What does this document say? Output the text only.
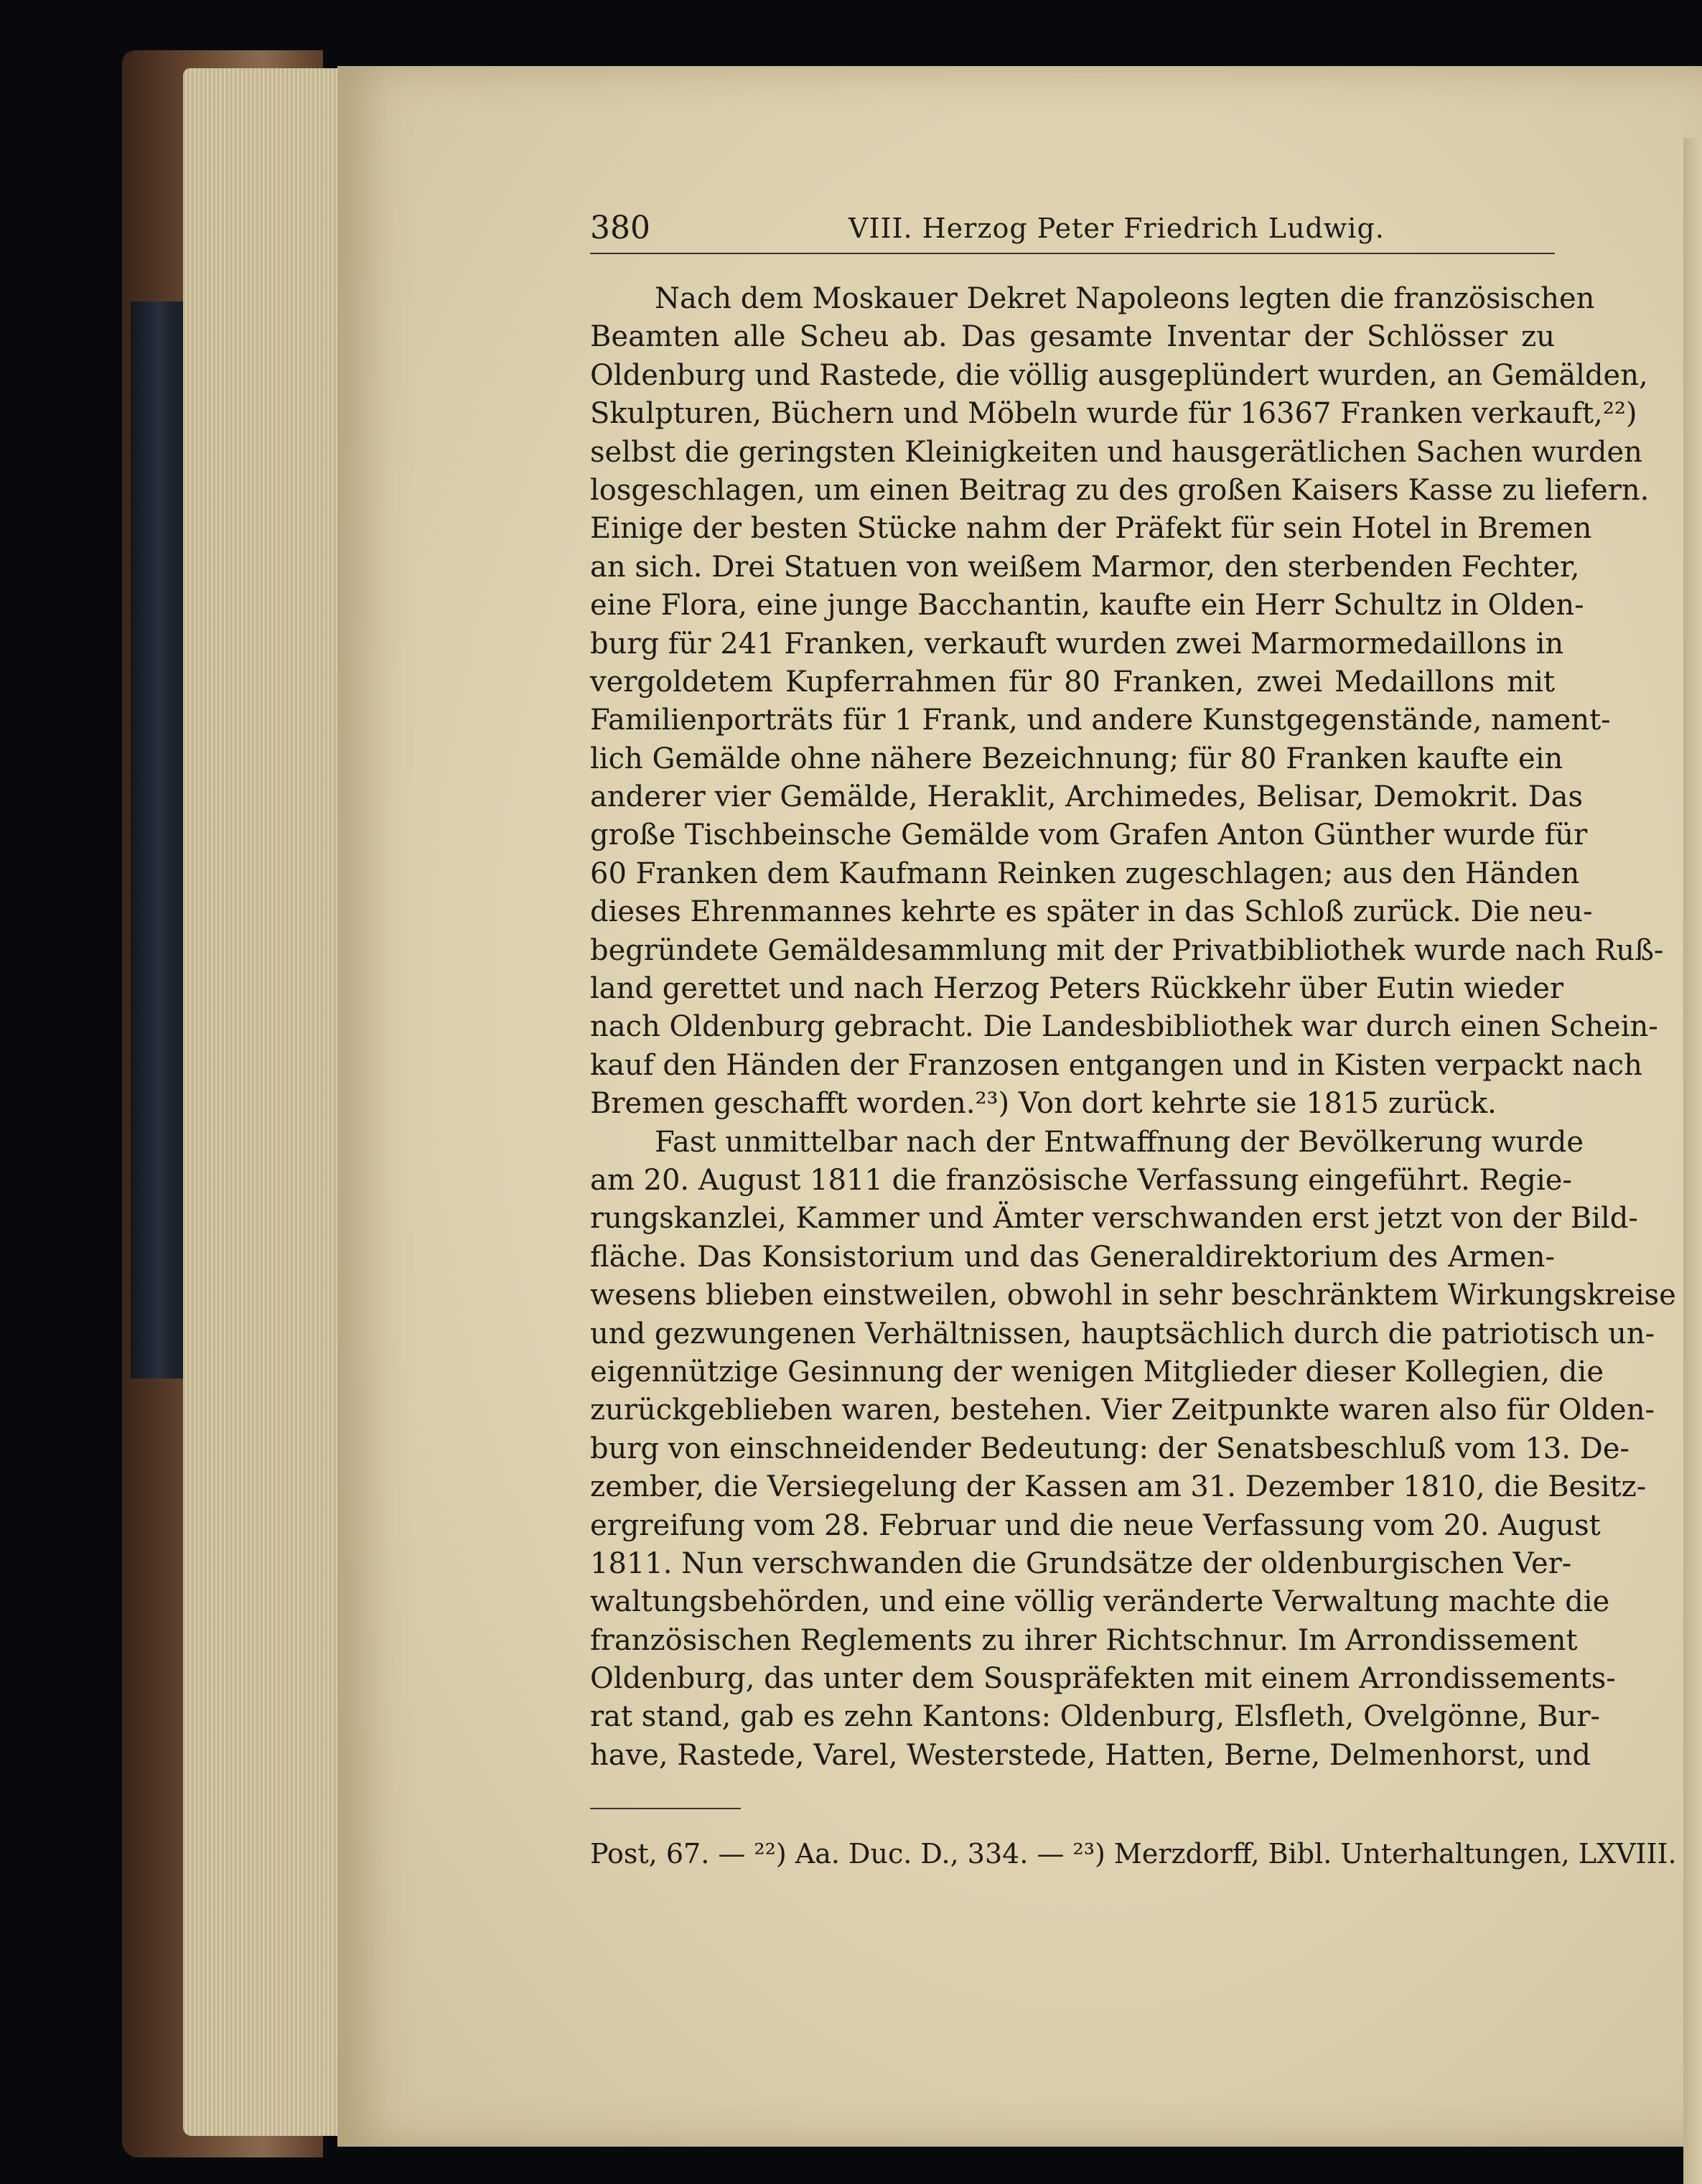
380	VIII. Herzog Peter Friedrich Ludwig.
Nach dem Moskauer Dekret Napoleons legten die französischen
Beamten alle Scheu ab. Das gesamte Inventar der Schlösser zu
Oldenburg und Rastede, die völlig ausgeplündert wurden, an Gemälden,
Skulpturen, Büchern und Möbeln wurde für 16367 Franken verkauft,²²)
selbst die geringsten Kleinigkeiten und hausgerätlichen Sachen wurden
losgeschlagen, um einen Beitrag zu des großen Kaisers Kasse zu liefern.
Einige der besten Stücke nahm der Präfekt für sein Hotel in Bremen
an sich. Drei Statuen von weißem Marmor, den sterbenden Fechter,
eine Flora, eine junge Bacchantin, kaufte ein Herr Schultz in Olden-
burg für 241 Franken, verkauft wurden zwei Marmormedaillons in
vergoldetem Kupferrahmen für 80 Franken, zwei Medaillons mit
Familienporträts für 1 Frank, und andere Kunstgegenstände, nament-
lich Gemälde ohne nähere Bezeichnung; für 80 Franken kaufte ein
anderer vier Gemälde, Heraklit, Archimedes, Belisar, Demokrit. Das
große Tischbeinsche Gemälde vom Grafen Anton Günther wurde für
60 Franken dem Kaufmann Reinken zugeschlagen; aus den Händen
dieses Ehrenmannes kehrte es später in das Schloß zurück. Die neu-
begründete Gemäldesammlung mit der Privatbibliothek wurde nach Ruß-
land gerettet und nach Herzog Peters Rückkehr über Eutin wieder
nach Oldenburg gebracht. Die Landesbibliothek war durch einen Schein-
kauf den Händen der Franzosen entgangen und in Kisten verpackt nach
Bremen geschafft worden.²³) Von dort kehrte sie 1815 zurück.
Fast unmittelbar nach der Entwaffnung der Bevölkerung wurde
am 20. August 1811 die französische Verfassung eingeführt. Regie-
rungskanzlei, Kammer und Ämter verschwanden erst jetzt von der Bild-
fläche. Das Konsistorium und das Generaldirektorium des Armen-
wesens blieben einstweilen, obwohl in sehr beschränktem Wirkungskreise
und gezwungenen Verhältnissen, hauptsächlich durch die patriotisch un-
eigennützige Gesinnung der wenigen Mitglieder dieser Kollegien, die
zurückgeblieben waren, bestehen. Vier Zeitpunkte waren also für Olden-
burg von einschneidender Bedeutung: der Senatsbeschluß vom 13. De-
zember, die Versiegelung der Kassen am 31. Dezember 1810, die Besitz-
ergreifung vom 28. Februar und die neue Verfassung vom 20. August
1811. Nun verschwanden die Grundsätze der oldenburgischen Ver-
waltungsbehörden, und eine völlig veränderte Verwaltung machte die
französischen Reglements zu ihrer Richtschnur. Im Arrondissement
Oldenburg, das unter dem Souspräfekten mit einem Arrondissements-
rat stand, gab es zehn Kantons: Oldenburg, Elsfleth, Ovelgönne, Bur-
have, Rastede, Varel, Westerstede, Hatten, Berne, Delmenhorst, und
Post, 67. — ²²) Aa. Duc. D., 334. — ²³) Merzdorff, Bibl. Unterhaltungen, LXVIII.
